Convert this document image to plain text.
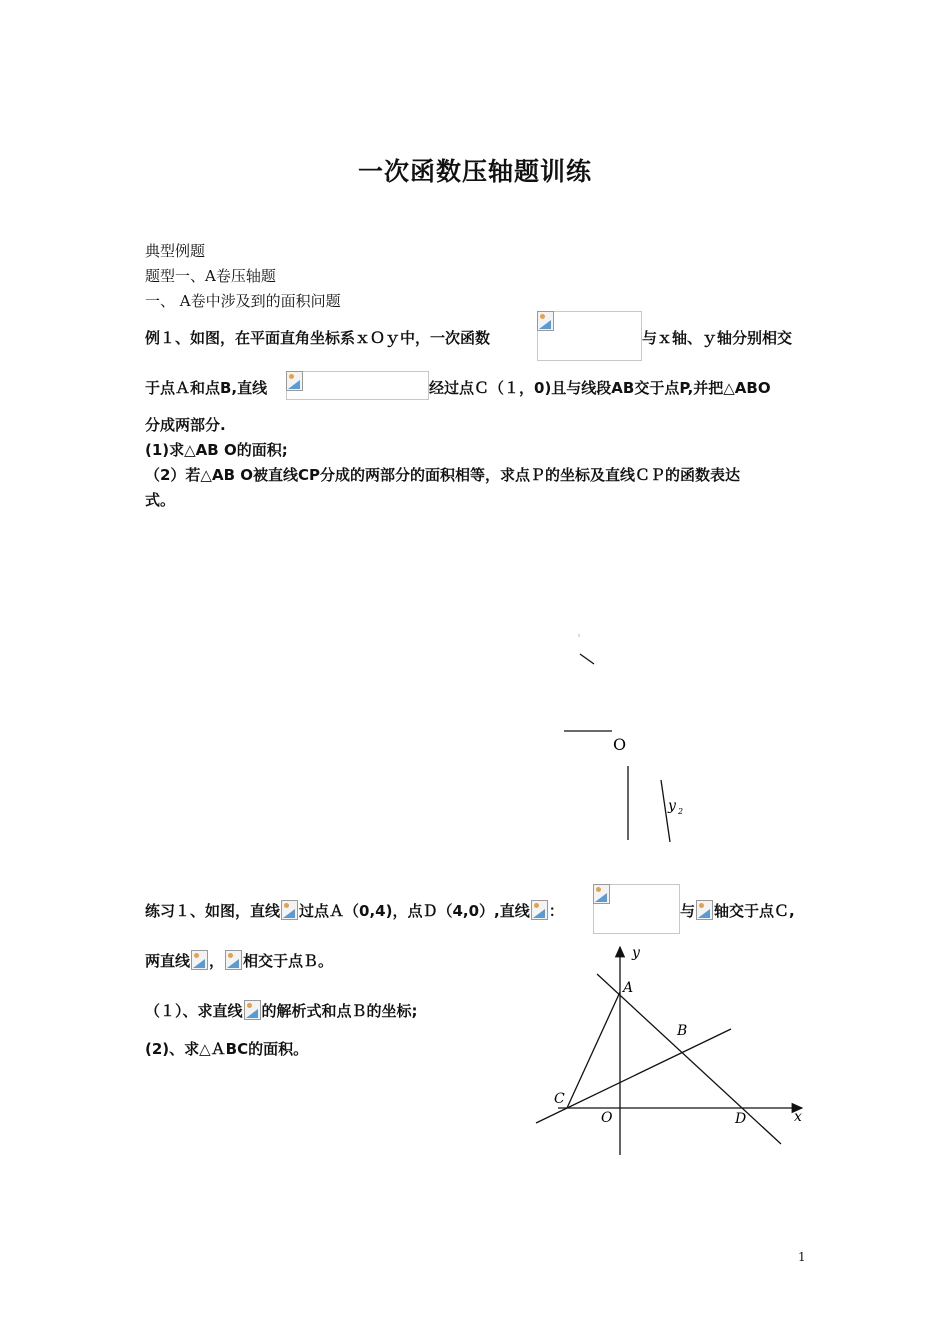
一次函数压轴题训练
典型例题
题型一、A卷压轴题
一、 A卷中涉及到的面积问题
例１、如图，在平面直角坐标系ｘＯｙ中，一次函数	与ｘ轴、ｙ轴分别相交
于点Ａ和点B,直线	经过点Ｃ（１，0)且与线段AB交于点P,并把△ABO
分成两部分.
(1)求△AB O的面积;
（2）若△AB O被直线CP分成的两部分的面积相等，求点Ｐ的坐标及直线ＣＰ的函数表达
式。
O
y 2
练习１、如图，直线 过点Ａ（0,4)，点Ｄ（4,0）,直线 ：	与 轴交于点Ｃ,
两直线 ， 相交于点Ｂ。
（１）、求直线 的解析式和点Ｂ的坐标;
(2)、求△ＡBC的面积。
y
x
A
B
C
O	D
1
